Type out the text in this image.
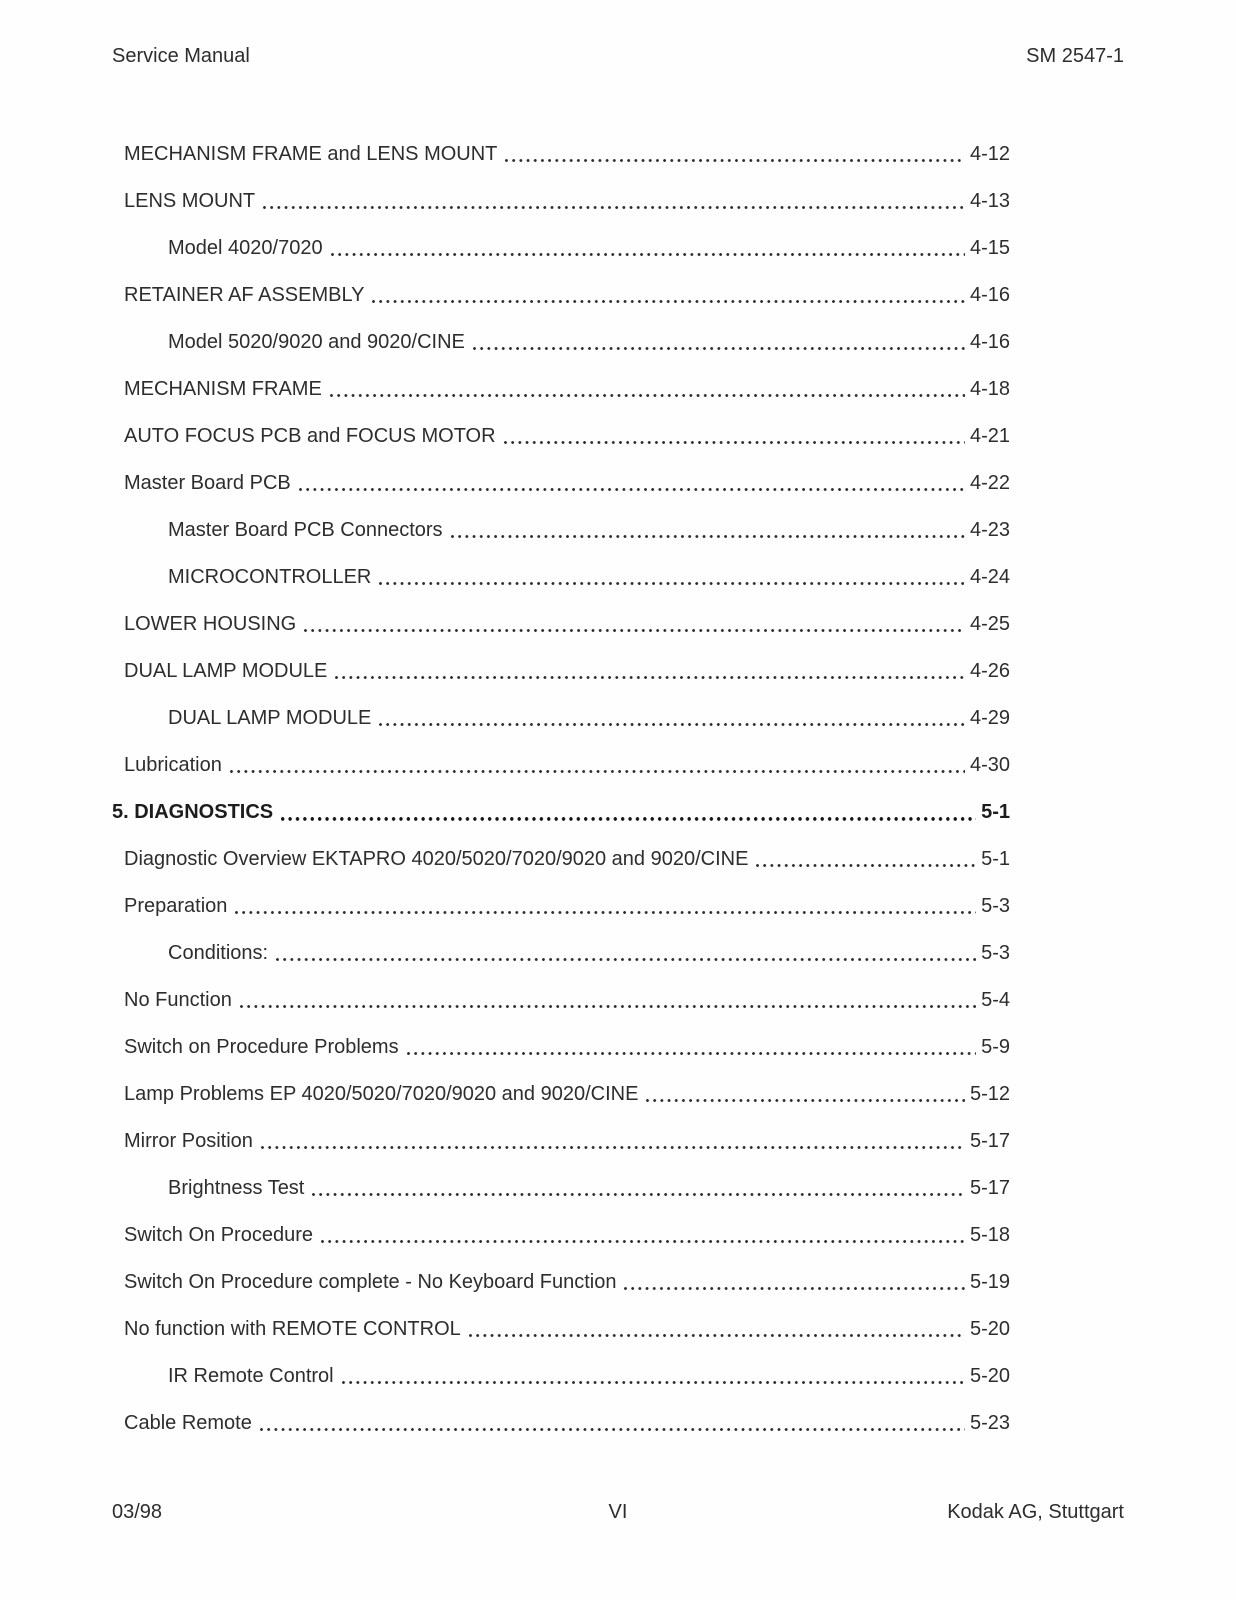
Service Manual	SM 2547-1
MECHANISM FRAME and LENS MOUNT	4-12
LENS MOUNT	4-13
Model 4020/7020	4-15
RETAINER AF ASSEMBLY	4-16
Model 5020/9020 and 9020/CINE	4-16
MECHANISM FRAME	4-18
AUTO FOCUS PCB and FOCUS MOTOR	4-21
Master Board PCB	4-22
Master Board PCB Connectors	4-23
MICROCONTROLLER	4-24
LOWER HOUSING	4-25
DUAL LAMP MODULE	4-26
DUAL LAMP MODULE	4-29
Lubrication	4-30
5. DIAGNOSTICS	5-1
Diagnostic Overview EKTAPRO 4020/5020/7020/9020 and 9020/CINE	5-1
Preparation	5-3
Conditions:	5-3
No Function	5-4
Switch on Procedure Problems	5-9
Lamp Problems EP 4020/5020/7020/9020 and 9020/CINE	5-12
Mirror Position	5-17
Brightness Test	5-17
Switch On Procedure	5-18
Switch On Procedure complete - No Keyboard Function	5-19
No function with REMOTE CONTROL	5-20
IR Remote Control	5-20
Cable Remote	5-23
03/98	VI	Kodak AG, Stuttgart
